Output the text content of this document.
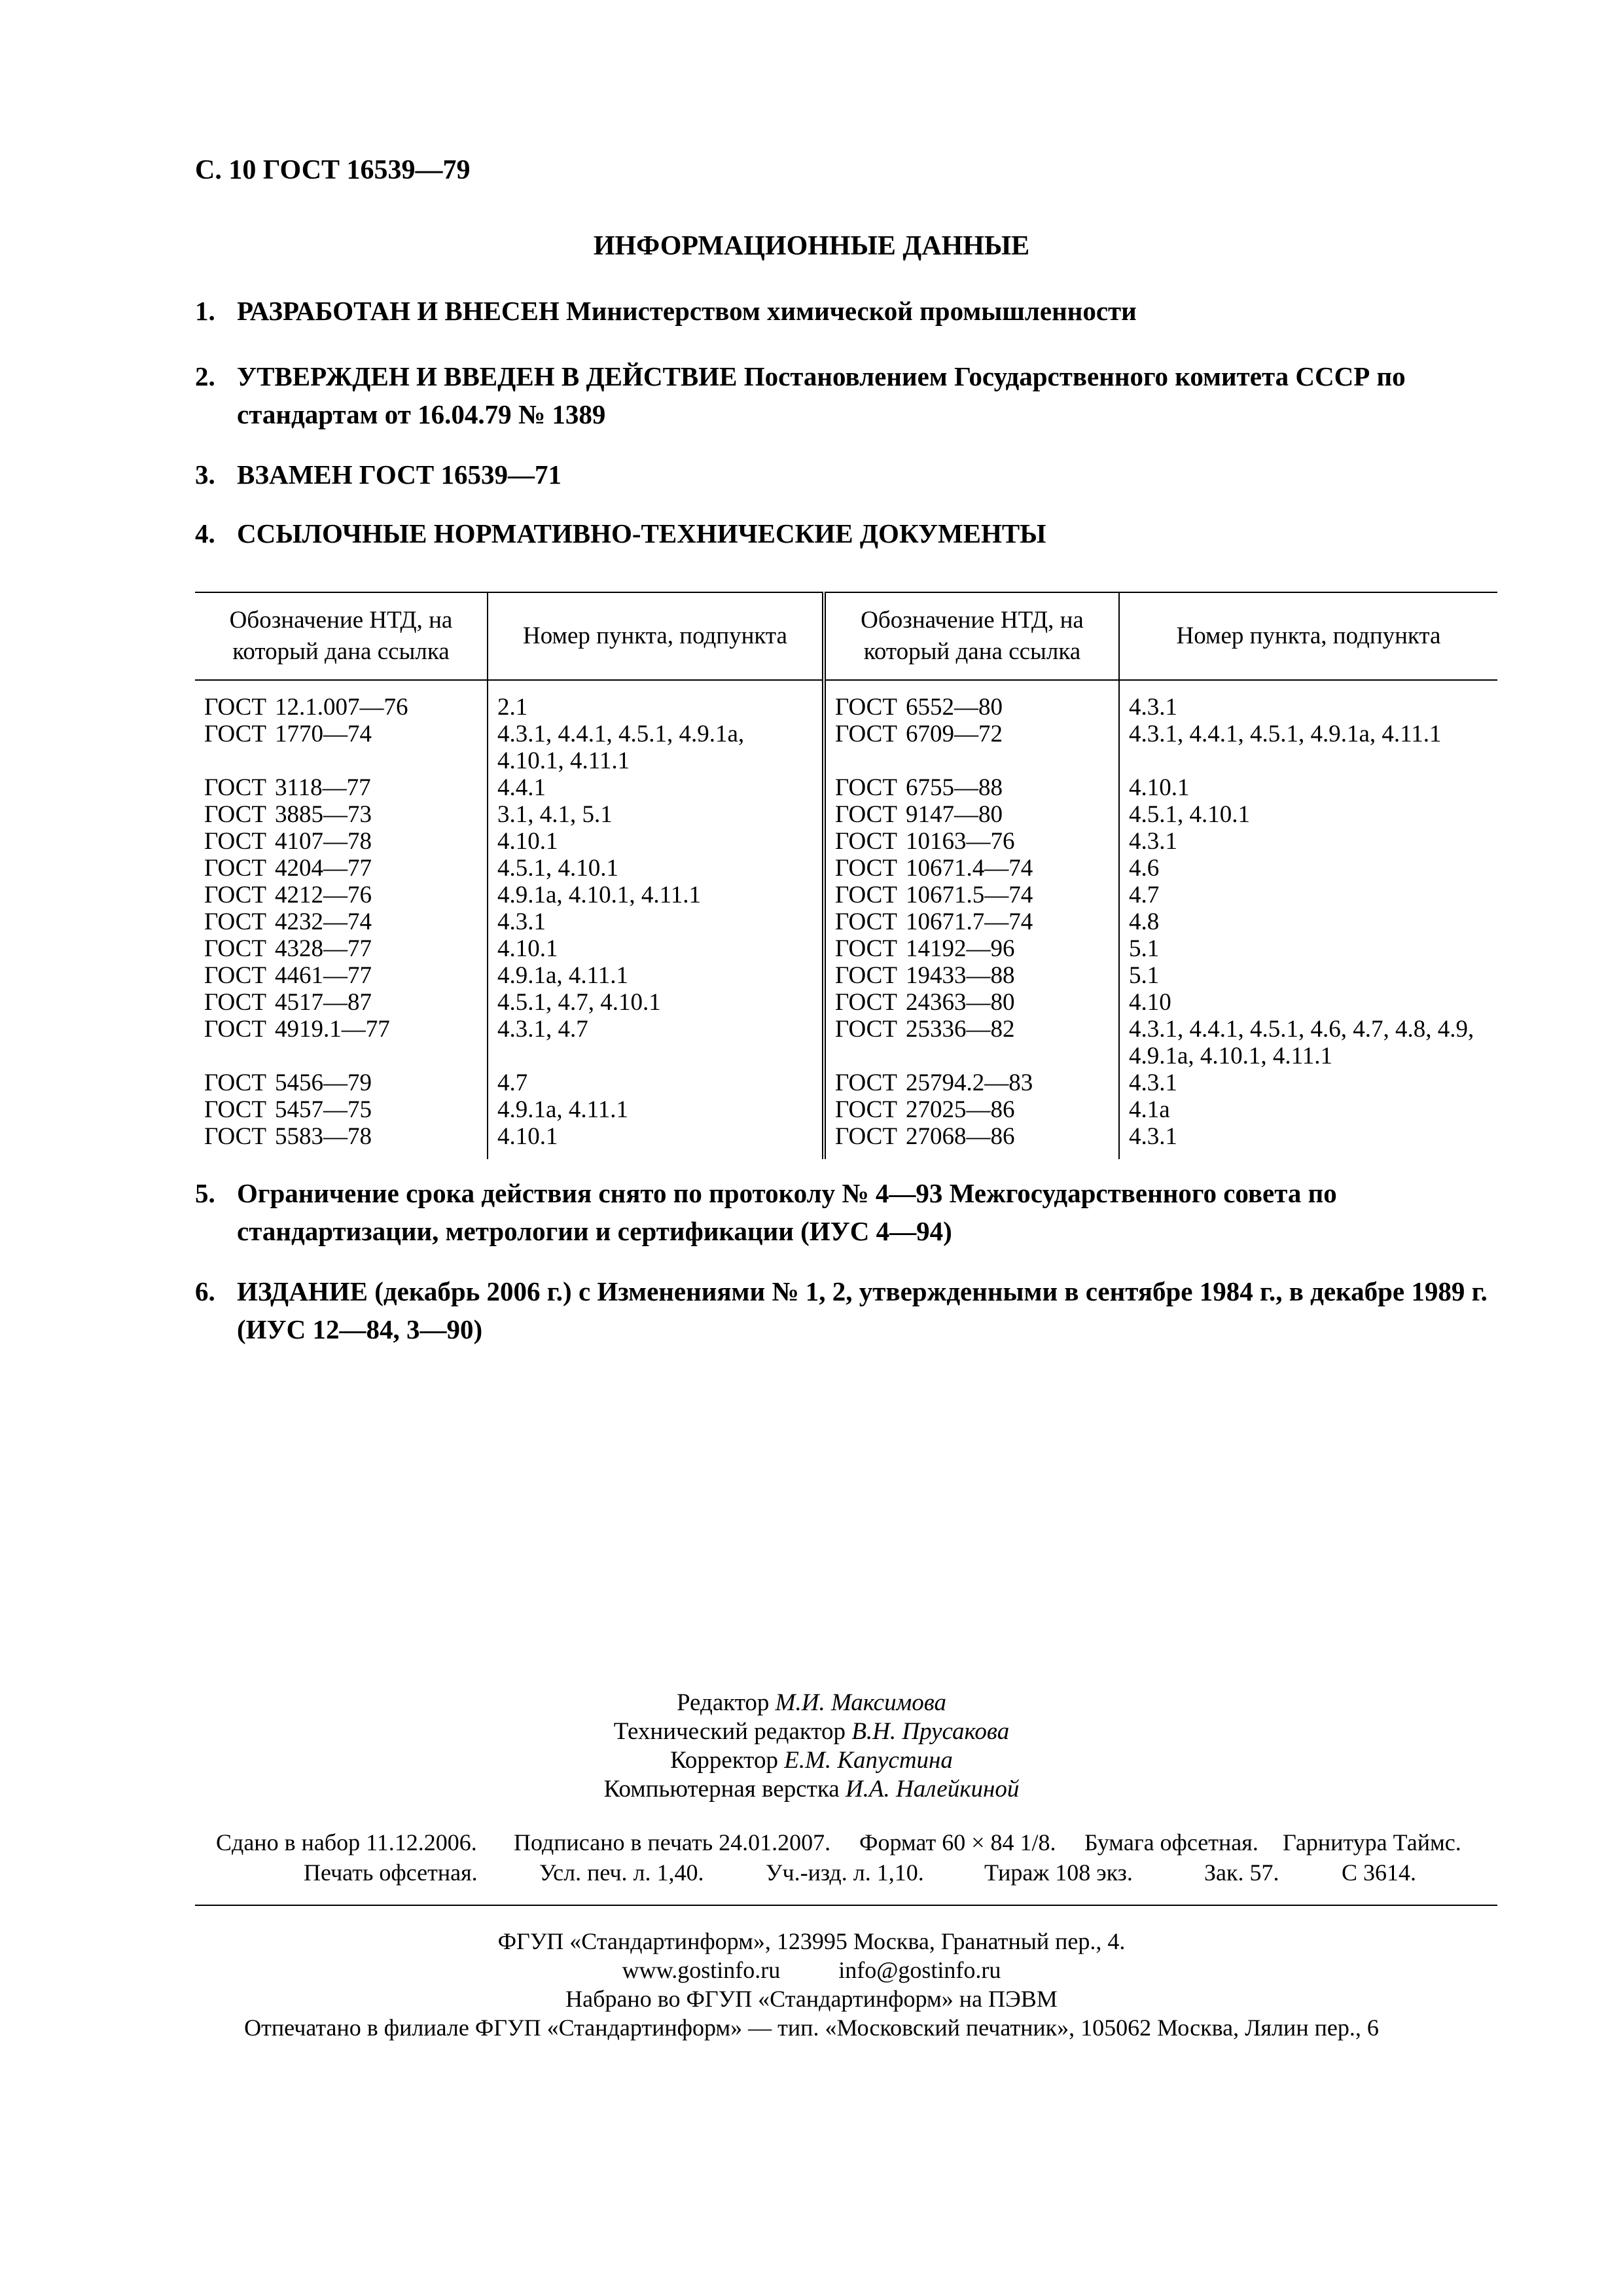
С. 10 ГОСТ 16539—79
ИНФОРМАЦИОННЫЕ ДАННЫЕ
1. РАЗРАБОТАН И ВНЕСЕН Министерством химической промышленности
2. УТВЕРЖДЕН И ВВЕДЕН В ДЕЙСТВИЕ Постановлением Государственного комитета СССР по стандартам от 16.04.79 № 1389
3. ВЗАМЕН ГОСТ 16539—71
4. ССЫЛОЧНЫЕ НОРМАТИВНО-ТЕХНИЧЕСКИЕ ДОКУМЕНТЫ
Обозначение НТД, на который дана ссылка	Номер пункта, подпункта	Обозначение НТД, на который дана ссылка	Номер пункта, подпункта
ГОСТ 12.1.007—76	2.1	ГОСТ 6552—80	4.3.1
ГОСТ 1770—74	4.3.1, 4.4.1, 4.5.1, 4.9.1а, 4.10.1, 4.11.1	ГОСТ 6709—72	4.3.1, 4.4.1, 4.5.1, 4.9.1а, 4.11.1
ГОСТ 3118—77	4.4.1	ГОСТ 6755—88	4.10.1
ГОСТ 3885—73	3.1, 4.1, 5.1	ГОСТ 9147—80	4.5.1, 4.10.1
ГОСТ 4107—78	4.10.1	ГОСТ 10163—76	4.3.1
ГОСТ 4204—77	4.5.1, 4.10.1	ГОСТ 10671.4—74	4.6
ГОСТ 4212—76	4.9.1а, 4.10.1, 4.11.1	ГОСТ 10671.5—74	4.7
ГОСТ 4232—74	4.3.1	ГОСТ 10671.7—74	4.8
ГОСТ 4328—77	4.10.1	ГОСТ 14192—96	5.1
ГОСТ 4461—77	4.9.1а, 4.11.1	ГОСТ 19433—88	5.1
ГОСТ 4517—87	4.5.1, 4.7, 4.10.1	ГОСТ 24363—80	4.10
ГОСТ 4919.1—77	4.3.1, 4.7	ГОСТ 25336—82	4.3.1, 4.4.1, 4.5.1, 4.6, 4.7, 4.8, 4.9, 4.9.1а, 4.10.1, 4.11.1
ГОСТ 5456—79	4.7	ГОСТ 25794.2—83	4.3.1
ГОСТ 5457—75	4.9.1а, 4.11.1	ГОСТ 27025—86	4.1а
ГОСТ 5583—78	4.10.1	ГОСТ 27068—86	4.3.1
5. Ограничение срока действия снято по протоколу № 4—93 Межгосударственного совета по стандартизации, метрологии и сертификации (ИУС 4—94)
6. ИЗДАНИЕ (декабрь 2006 г.) с Изменениями № 1, 2, утвержденными в сентябре 1984 г., в декабре 1989 г. (ИУС 12—84, 3—90)
Редактор М.И. Максимова
Технический редактор В.Н. Прусакова
Корректор Е.М. Капустина
Компьютерная верстка И.А. Налейкиной
Сдано в набор 11.12.2006. Подписано в печать 24.01.2007. Формат 60 × 84 1/8. Бумага офсетная. Гарнитура Таймс.
Печать офсетная.	Усл. печ. л. 1,40.	Уч.-изд. л. 1,10.	Тираж 108 экз.	Зак. 57.	С 3614.
ФГУП «Стандартинформ», 123995 Москва, Гранатный пер., 4.
www.gostinfo.ru info@gostinfo.ru
Набрано во ФГУП «Стандартинформ» на ПЭВМ
Отпечатано в филиале ФГУП «Стандартинформ» — тип. «Московский печатник», 105062 Москва, Лялин пер., 6
